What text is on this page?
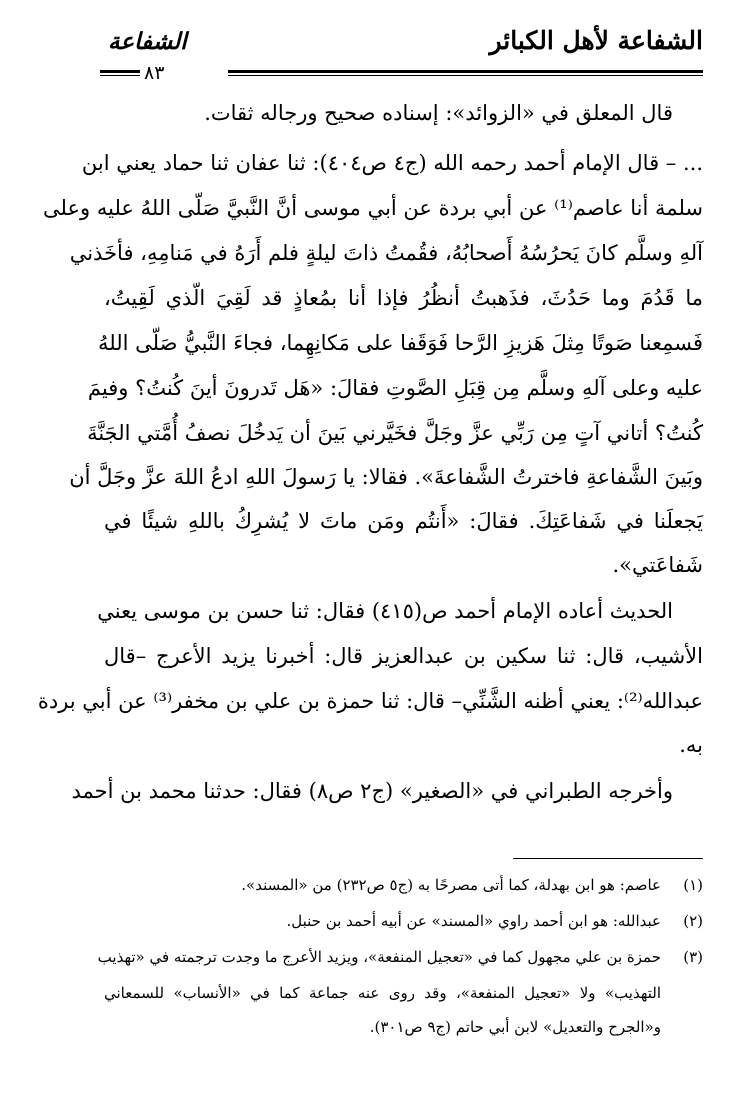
الشفاعة لأهل الكبائر
الشفاعة
٨٣
قال المعلق في «الزوائد»: إسناده صحيح ورجاله ثقات.
... – قال الإمام أحمد رحمه الله (ج٤ ص٤٠٤): ثنا عفان ثنا حماد يعني ابن
سلمة أنا عاصم⁽¹⁾ عن أبي بردة عن أبي موسى أنَّ النَّبيَّ صَلّى اللهُ عليه وعلى
آلهِ وسلَّم كانَ يَحرُسُهُ أَصحابُهُ، فقُمتُ ذاتَ ليلةٍ فلم أَرَهُ في مَنامِهِ، فأخَذني
ما قَدُمَ وما حَدُثَ، فذَهبتُ أنظُرُ فإذا أنا بمُعاذٍ قد لَقِيَ الّذي لَقِيتُ،
فَسمِعنا صَوتًا مِثلَ هَزيزِ الرَّحا فَوَقَفا على مَكانِهِما، فجاءَ النَّبيُّ صَلّى اللهُ
عليه وعلى آلهِ وسلَّم مِن قِبَلِ الصَّوتِ فقالَ: «هَل تَدرونَ أينَ كُنتُ؟ وفيمَ
كُنتُ؟ أتاني آتٍ مِن رَبِّي عزَّ وجَلَّ فخَيَّرني بَينَ أن يَدخُلَ نصفُ أُمَّتي الجَنَّةَ
وبَينَ الشَّفاعةِ فاخترتُ الشَّفاعةَ». فقالا: يا رَسولَ اللهِ ادعُ اللهَ عزَّ وجَلَّ أن
يَجعلَنا في شَفاعَتِكَ. فقالَ: «أَنتُم ومَن ماتَ لا يُشرِكُ باللهِ شيئًا في
شَفاعَتي».
الحديث أعاده الإمام أحمد ص(٤١٥) فقال: ثنا حسن بن موسى يعني
الأشيب، قال: ثنا سكين بن عبدالعزيز قال: أخبرنا يزيد الأعرج –قال
عبدالله⁽²⁾: يعني أظنه الشَّنِّي– قال: ثنا حمزة بن علي بن مخفر⁽³⁾ عن أبي بردة
به.
وأخرجه الطبراني في «الصغير» (ج٢ ص٨) فقال: حدثنا محمد بن أحمد
(١)
عاصم: هو ابن بهدلة، كما أتى مصرحًا به (ج٥ ص٢٣٢) من «المسند».
(٢)
عبدالله: هو ابن أحمد راوي «المسند» عن أبيه أحمد بن حنبل.
(٣)
حمزة بن علي مجهول كما في «تعجيل المنفعة»، ويزيد الأعرج ما وجدت ترجمته في «تهذيب
التهذيب» ولا «تعجيل المنفعة»، وقد روى عنه جماعة كما في «الأنساب» للسمعاني
و«الجرح والتعديل» لابن أبي حاتم (ج٩ ص٣٠١).
